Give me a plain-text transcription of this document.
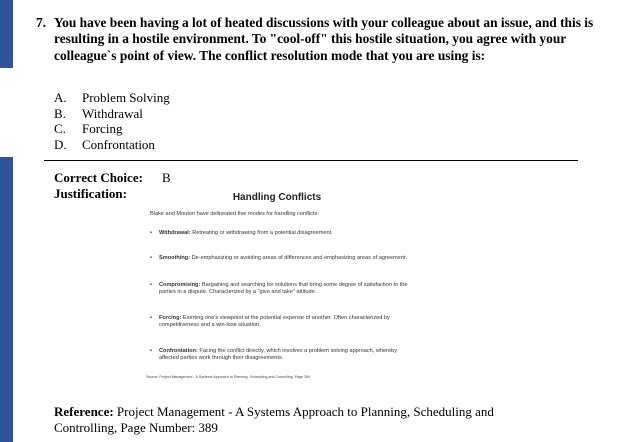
7. You have been having a lot of heated discussions with your colleague about an issue, and this is resulting in a hostile environment. To "cool-off" this hostile situation, you agree with your colleague`s point of view. The conflict resolution mode that you are using is:
A.	Problem Solving
B.	Withdrawal
C.	Forcing
D.	Confrontation
Correct Choice: B
Justification:	Handling Conflicts
Blake and Mouton have delineated five modes for handling conflicts:
•	Withdrawal: Retreating or withdrawing from a potential disagreement.
•	Smoothing: De-emphasizing or avoiding areas of differences and emphasizing areas of agreement.
•	Compromising: Bargaining and searching for solutions that bring some degree of satisfaction to the parties in a dispute. Characterized by a "give and take" attitude.
•	Forcing: Exerting one's viewpoint at the potential expense of another. Often characterized by competitiveness and a win-lose situation.
•	Confrontation: Facing the conflict directly, which involves a problem solving approach, whereby affected parties work through their disagreements.
Source: Project Management - A Systems Approach to Planning, Scheduling and Controlling, Page 389
Reference: Project Management - A Systems Approach to Planning, Scheduling and Controlling, Page Number: 389
